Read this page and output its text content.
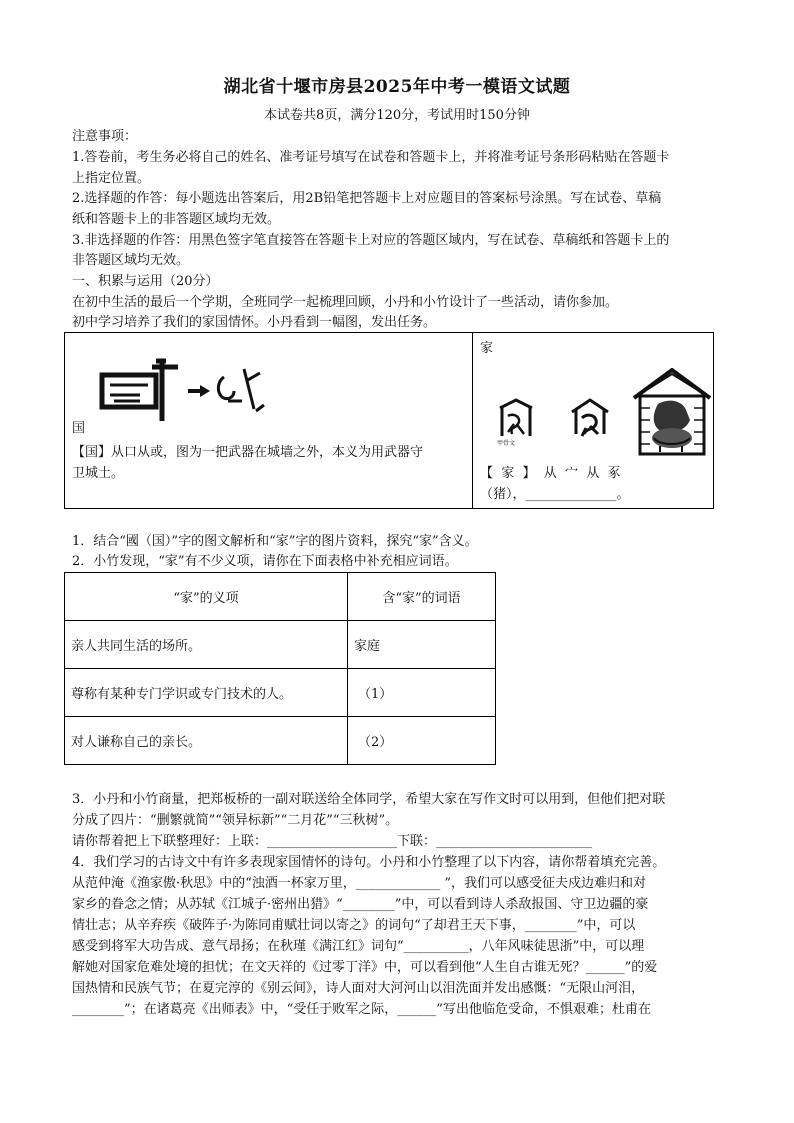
湖北省十堰市房县2025年中考一模语文试题
本试卷共8页，满分120分，考试用时150分钟
注意事项：
1.答卷前，考生务必将自己的姓名、准考证号填写在试卷和答题卡上，并将准考证号条形码粘贴在答题卡
上指定位置。
2.选择题的作答：每小题选出答案后，用2B铅笔把答题卡上对应题目的答案标号涂黑。写在试卷、草稿
纸和答题卡上的非答题区域均无效。
3.非选择题的作答：用黑色签字笔直接答在答题卡上对应的答题区域内，写在试卷、草稿纸和答题卡上的
非答题区域均无效。
一、积累与运用（20分）
在初中生活的最后一个学期，全班同学一起梳理回顾，小丹和小竹设计了一些活动，请你参加。
初中学习培养了我们的家国情怀。小丹看到一幅图，发出任务。
国
【国】从口从或，图为一把武器在城墙之外，本义为用武器守
卫城土。
家
甲骨文
【  家  】  从  宀  从  豖
（猪），______________。
1．结合“國（国）”字的图文解析和“家”字的图片资料，探究“家”含义。
2．小竹发现，“家”有不少义项，请你在下面表格中补充相应词语。
“家”的义项	含“家”的词语
亲人共同生活的场所。	家庭
尊称有某种专门学识或专门技术的人。	（1）
对人谦称自己的亲长。	（2）
3．小丹和小竹商量，把郑板桥的一副对联送给全体同学，希望大家在写作文时可以用到，但他们把对联
分成了四片：“删繁就简”“领异标新”“二月花”“三秋树”。
请你帮着把上下联整理好：上联：____________________下联：________________________
4．我们学习的古诗文中有许多表现家国情怀的诗句。小丹和小竹整理了以下内容，请你帮着填充完善。
从范仲淹《渔家傲·秋思》中的“浊酒一杯家万里，_____________ ”，我们可以感受征夫戍边难归和对
家乡的眷念之情；从苏轼《江城子·密州出猎》“________”中，可以看到诗人杀敌报国、守卫边疆的豪
情壮志；从辛弃疾《破阵子·为陈同甫赋壮词以寄之》的词句“了却君王天下事，________”中，可以
感受到将军大功告成、意气昂扬；在秋瑾《满江红》词句“__________，八年风味徒思浙”中，可以理
解她对国家危难处境的担忧；在文天祥的《过零丁洋》中，可以看到他“人生自古谁无死？______”的爱
国热情和民族气节；在夏完淳的《别云间》，诗人面对大河河山以泪洗面并发出感慨：“无限山河泪，
________”；在诸葛亮《出师表》中，“受任于败军之际，______”写出他临危受命，不惧艰难；杜甫在
